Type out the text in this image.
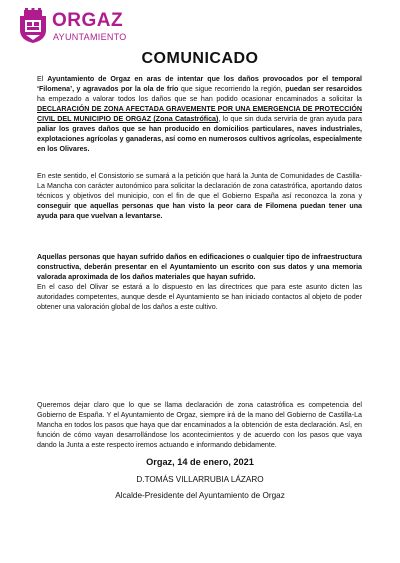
ORGAZ
AYUNTAMIENTO
COMUNICADO

El Ayuntamiento de Orgaz en aras de intentar que los daños provocados por el temporal ‘Filomena’, y agravados por la ola de frío que sigue recorriendo la región, puedan ser resarcidos ha empezado a valorar todos los daños que se han podido ocasionar encaminados a solicitar la DECLARACIÓN DE ZONA AFECTADA GRAVEMENTE POR UNA EMERGENCIA DE PROTECCIÓN CIVIL DEL MUNICIPIO DE ORGAZ (Zona Catastrófica), lo que sin duda serviría de gran ayuda para paliar los graves daños que se han producido en domicilios particulares, naves industriales, explotaciones agrícolas y ganaderas, así como en numerosos cultivos agrícolas, especialmente en los Olivares.

En este sentido, el Consistorio se sumará a la petición que hará la Junta de Comunidades de Castilla-La Mancha con carácter autonómico para solicitar la declaración de zona catastrófica, aportando datos técnicos y objetivos del municipio, con el fin de que el Gobierno España así reconozca la zona y conseguir que aquellas personas que han visto la peor cara de Filomena puedan tener una ayuda para que vuelvan a levantarse.

Aquellas personas que hayan sufrido daños en edificaciones o cualquier tipo de infraestructura constructiva, deberán presentar en el Ayuntamiento un escrito con sus datos y una memoria valorada aproximada de los daños materiales que hayan sufrido.

En el caso del Olivar se estará a lo dispuesto en las directrices que para este asunto dicten las autoridades competentes, aunque desde el Ayuntamiento se han iniciado contactos al objeto de poder obtener una valoración global de los daños a este cultivo.

Queremos dejar claro que lo que se llama declaración de zona catastrófica es competencia del Gobierno de España. Y el Ayuntamiento de Orgaz, siempre irá de la mano del Gobierno de Castilla-La Mancha en todos los pasos que haya que dar encaminados a la obtención de esta declaración. Así, en función de cómo vayan desarrollándose los acontecimientos y de acuerdo con los pasos que vaya dando la Junta a este respecto iremos actuando e informando debidamente.

Orgaz, 14 de enero, 2021
D.TOMÁS VILLARRUBIA LÁZARO
Alcalde-Presidente del Ayuntamiento de Orgaz
